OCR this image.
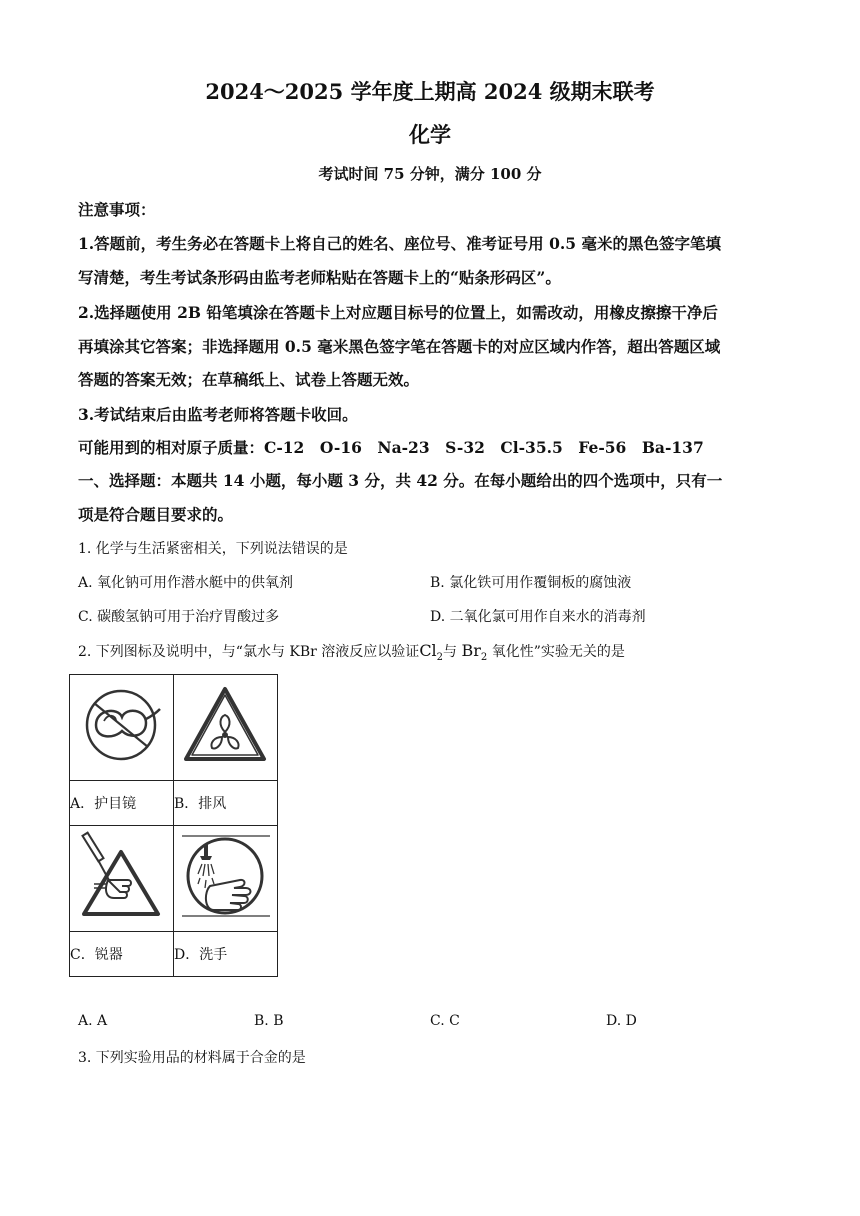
2024～2025 学年度上期高 2024 级期末联考
化学
考试时间 75 分钟，满分 100 分
注意事项：
1.答题前，考生务必在答题卡上将自己的姓名、座位号、准考证号用 0.5 毫米的黑色签字笔填
写清楚，考生考试条形码由监考老师粘贴在答题卡上的“贴条形码区”。
2.选择题使用 2B 铅笔填涂在答题卡上对应题目标号的位置上，如需改动，用橡皮擦擦干净后
再填涂其它答案；非选择题用 0.5 毫米黑色签字笔在答题卡的对应区域内作答，超出答题区域
答题的答案无效；在草稿纸上、试卷上答题无效。
3.考试结束后由监考老师将答题卡收回。
可能用到的相对原子质量：C-12　O-16　Na-23　S-32　Cl-35.5　Fe-56　Ba-137
一、选择题：本题共 14 小题，每小题 3 分，共 42 分。在每小题给出的四个选项中，只有一
项是符合题目要求的。
1. 化学与生活紧密相关，下列说法错误的是
A. 氧化钠可用作潜水艇中的供氧剂	B. 氯化铁可用作覆铜板的腐蚀液
C. 碳酸氢钠可用于治疗胃酸过多	D. 二氧化氯可用作自来水的消毒剂
2. 下列图标及说明中，与“氯水与 KBr 溶液反应以验证$Cl_2$与 $Br_2$ 氧化性”实验无关的是

A．护目镜	B．排风

C．锐器	D．洗手
A. A	B. B	C. C	D. D
3. 下列实验用品的材料属于合金的是
